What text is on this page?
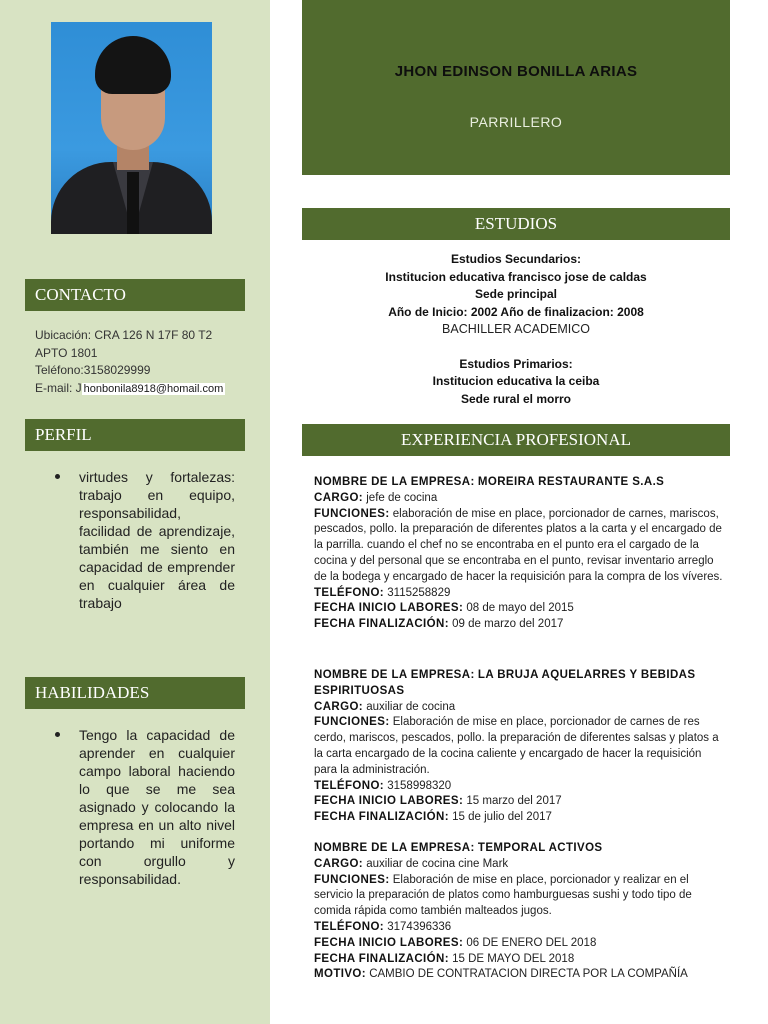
CONTACTO
Ubicación: CRA 126 N 17F 80 T2
APTO 1801
Teléfono:3158029999
E-mail: J honbonila8918@homail.com
PERFIL
virtudes y fortalezas: trabajo en equipo, responsabilidad, facilidad de aprendizaje, también me siento en capacidad de emprender en cualquier área de trabajo
HABILIDADES
Tengo la capacidad de aprender en cualquier campo laboral haciendo lo que se me sea asignado y colocando la empresa en un alto nivel portando mi uniforme con orgullo y responsabilidad.
JHON EDINSON BONILLA ARIAS
PARRILLERO
ESTUDIOS
Estudios Secundarios:
Institucion educativa francisco jose de caldas
Sede principal
Año de Inicio: 2002 Año de finalizacion: 2008
BACHILLER ACADEMICO
Estudios Primarios:
Institucion educativa la ceiba
Sede rural el morro
EXPERIENCIA PROFESIONAL
NOMBRE DE LA EMPRESA: MOREIRA RESTAURANTE S.A.S
CARGO: jefe de cocina
FUNCIONES: elaboración de mise en place, porcionador de carnes, mariscos, pescados, pollo. la preparación de diferentes platos a la carta y el encargado de la parrilla. cuando el chef no se encontraba en el punto era el cargado de la cocina y del personal que se encontraba en el punto, revisar inventario arreglo de la bodega y encargado de hacer la requisición para la compra de los víveres.
TELÉFONO: 3115258829
FECHA INICIO LABORES: 08 de mayo del 2015
FECHA FINALIZACIÓN: 09 de marzo del 2017
NOMBRE DE LA EMPRESA: LA BRUJA AQUELARRES Y BEBIDAS ESPIRITUOSAS
CARGO: auxiliar de cocina
FUNCIONES: Elaboración de mise en place, porcionador de carnes de res cerdo, mariscos, pescados, pollo. la preparación de diferentes salsas y platos a la carta encargado de la cocina caliente y encargado de hacer la requisición para la administración.
TELÉFONO: 3158998320
FECHA INICIO LABORES: 15 marzo del 2017
FECHA FINALIZACIÓN: 15 de julio del 2017
NOMBRE DE LA EMPRESA: TEMPORAL ACTIVOS
CARGO: auxiliar de cocina cine Mark
FUNCIONES: Elaboración de mise en place, porcionador y realizar en el servicio la preparación de platos como hamburguesas sushi y todo tipo de comida rápida como también malteados jugos.
TELÉFONO: 3174396336
FECHA INICIO LABORES: 06 DE ENERO DEL 2018
FECHA FINALIZACIÓN: 15 DE MAYO DEL 2018
MOTIVO: CAMBIO DE CONTRATACION DIRECTA POR LA COMPAÑÍA
